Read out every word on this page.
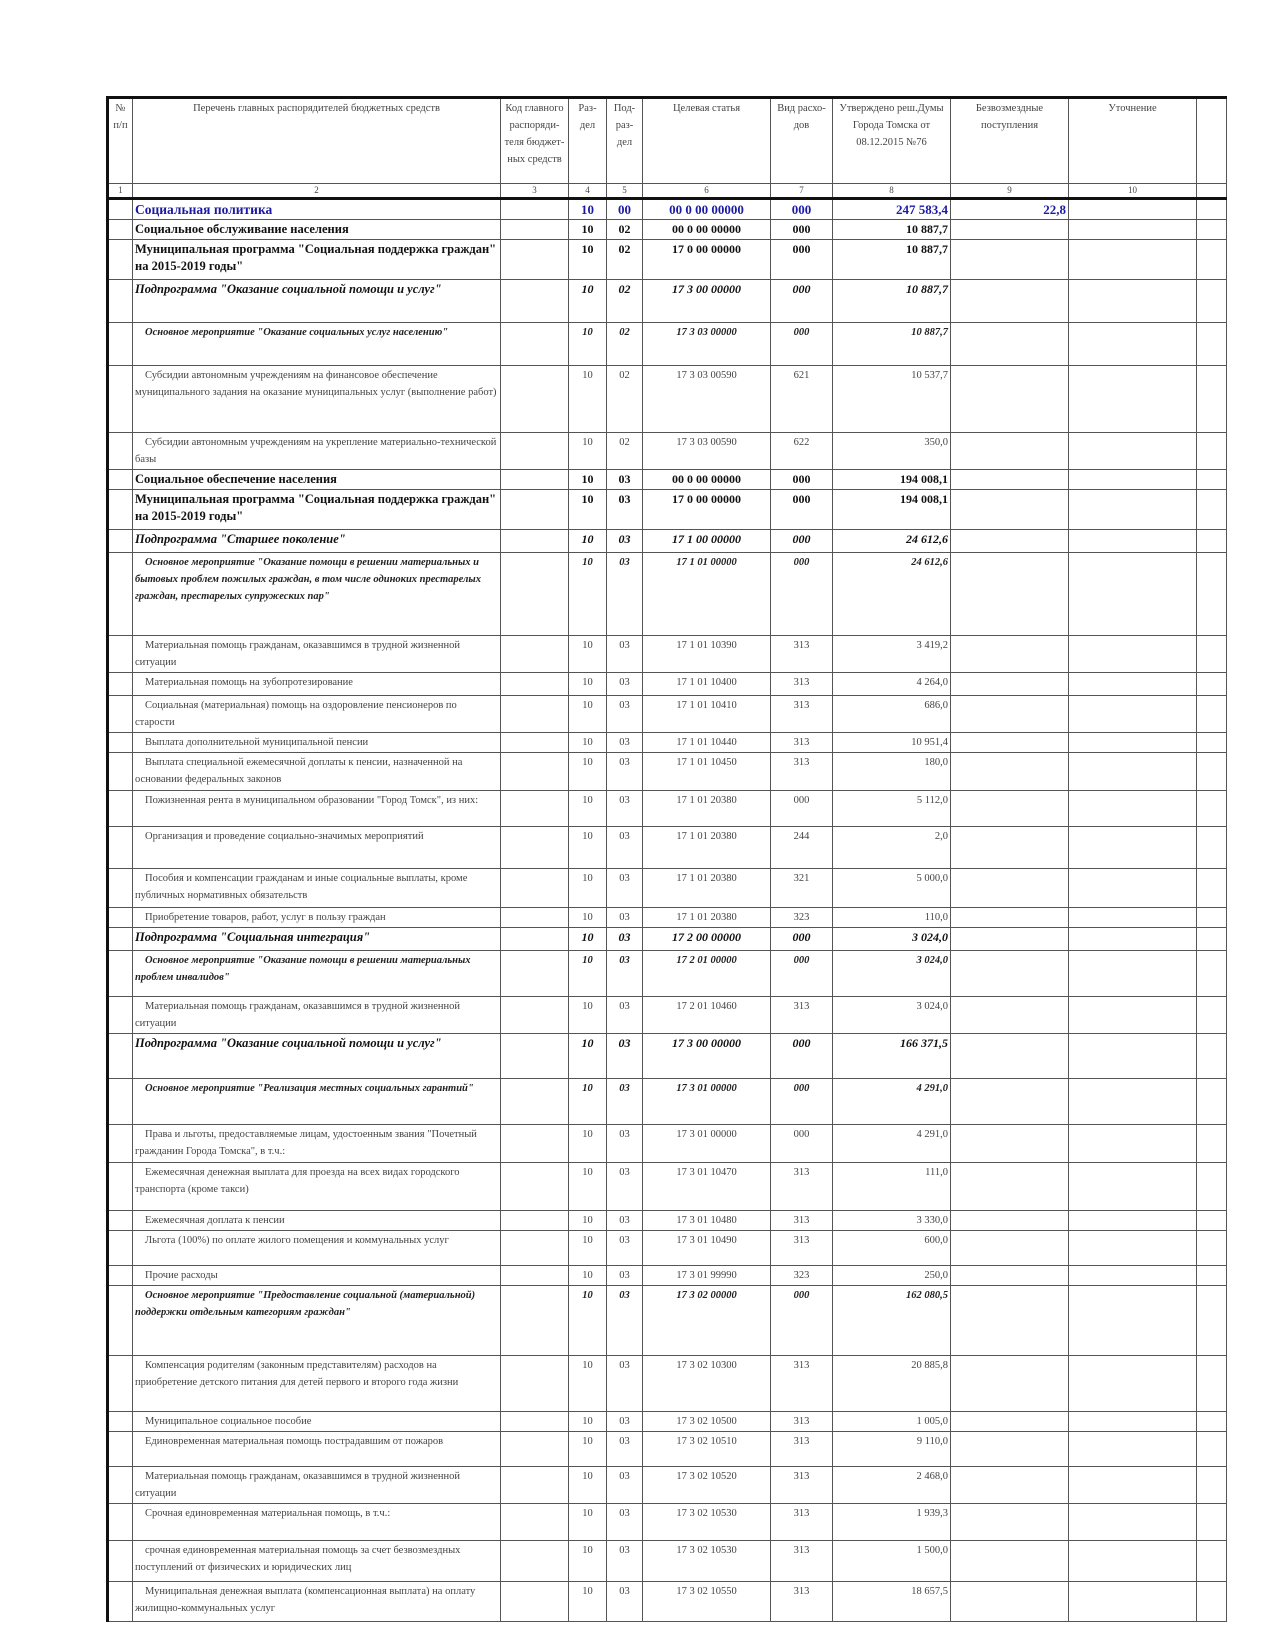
№ п/п	Перечень главных распорядителей бюджетных средств	Код главного распоряди-теля бюджет-ных средств	Раз-дел	Под-раз-дел	Целевая статья	Вид расхо-дов	Утверждено реш.Думы Города Томска от 08.12.2015 №76	Безвозмездные поступления	Уточнение	
1	2	3	4	5	6	7	8	9	10	
	Социальная политика		10	00	00 0 00 00000	000	247 583,4	22,8		
	Социальное обслуживание населения		10	02	00 0 00 00000	000	10 887,7			
	Муниципальная программа "Социальная поддержка граждан" на 2015-2019 годы"		10	02	17 0 00 00000	000	10 887,7			
	Подпрограмма "Оказание социальной помощи и услуг"		10	02	17 3 00 00000	000	10 887,7			
	Основное мероприятие "Оказание социальных услуг населению"		10	02	17 3 03 00000	000	10 887,7			
	Субсидии автономным учреждениям на финансовое обеспечение муниципального задания на оказание муниципальных услуг (выполнение работ)		10	02	17 3 03 00590	621	10 537,7			
	Субсидии автономным учреждениям на укрепление материально-технической базы		10	02	17 3 03 00590	622	350,0			
	Социальное обеспечение населения		10	03	00 0 00 00000	000	194 008,1			
	Муниципальная программа "Социальная поддержка граждан" на 2015-2019 годы"		10	03	17 0 00 00000	000	194 008,1			
	Подпрограмма "Старшее поколение"		10	03	17 1 00 00000	000	24 612,6			
	Основное мероприятие "Оказание помощи в решении материальных и бытовых проблем пожилых граждан, в том числе одиноких престарелых граждан, престарелых супружеских пар"		10	03	17 1 01 00000	000	24 612,6			
	Материальная помощь гражданам, оказавшимся в трудной жизненной ситуации		10	03	17 1 01 10390	313	3 419,2			
	Материальная помощь на зубопротезирование		10	03	17 1 01 10400	313	4 264,0			
	Социальная (материальная) помощь на оздоровление пенсионеров по старости		10	03	17 1 01 10410	313	686,0			
	Выплата дополнительной муниципальной пенсии		10	03	17 1 01 10440	313	10 951,4			
	Выплата специальной ежемесячной доплаты к пенсии, назначенной на основании федеральных законов		10	03	17 1 01 10450	313	180,0			
	Пожизненная рента в муниципальном образовании "Город Томск", из них:		10	03	17 1 01 20380	000	5 112,0			
	Организация и проведение социально-значимых мероприятий		10	03	17 1 01 20380	244	2,0			
	Пособия и компенсации гражданам и иные социальные выплаты, кроме публичных нормативных обязательств		10	03	17 1 01 20380	321	5 000,0			
	Приобретение товаров, работ, услуг в пользу граждан		10	03	17 1 01 20380	323	110,0			
	Подпрограмма "Социальная интеграция"		10	03	17 2 00 00000	000	3 024,0			
	Основное мероприятие "Оказание помощи в решении материальных проблем инвалидов"		10	03	17 2 01 00000	000	3 024,0			
	Материальная помощь гражданам, оказавшимся в трудной жизненной ситуации		10	03	17 2 01 10460	313	3 024,0			
	Подпрограмма "Оказание социальной помощи и услуг"		10	03	17 3 00 00000	000	166 371,5			
	Основное мероприятие "Реализация местных социальных гарантий"		10	03	17 3 01 00000	000	4 291,0			
	Права и льготы, предоставляемые лицам, удостоенным звания "Почетный гражданин Города Томска", в т.ч.:		10	03	17 3 01 00000	000	4 291,0			
	Ежемесячная денежная выплата для проезда на всех видах городского транспорта (кроме такси)		10	03	17 3 01 10470	313	111,0			
	Ежемесячная доплата к пенсии		10	03	17 3 01 10480	313	3 330,0			
	Льгота (100%) по оплате жилого помещения и коммунальных услуг		10	03	17 3 01 10490	313	600,0			
	Прочие расходы		10	03	17 3 01 99990	323	250,0			
	Основное мероприятие "Предоставление социальной (материальной) поддержки отдельным категориям граждан"		10	03	17 3 02 00000	000	162 080,5			
	Компенсация родителям (законным представителям) расходов на приобретение детского питания для детей первого и второго года жизни		10	03	17 3 02 10300	313	20 885,8			
	Муниципальное социальное пособие		10	03	17 3 02 10500	313	1 005,0			
	Единовременная материальная помощь пострадавшим от пожаров		10	03	17 3 02 10510	313	9 110,0			
	Материальная помощь гражданам, оказавшимся в трудной жизненной ситуации		10	03	17 3 02 10520	313	2 468,0			
	Срочная единовременная материальная помощь, в т.ч.:		10	03	17 3 02 10530	313	1 939,3			
	срочная единовременная материальная помощь за счет безвозмездных поступлений от физических и юридических лиц		10	03	17 3 02 10530	313	1 500,0			
	Муниципальная денежная выплата (компенсационная выплата) на оплату жилищно-коммунальных услуг		10	03	17 3 02 10550	313	18 657,5			
